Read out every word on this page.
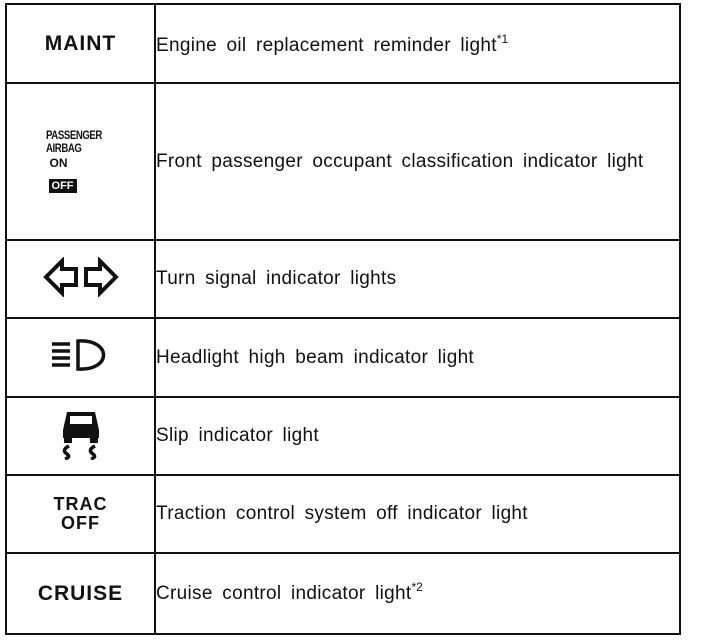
MAINT	Engine oil replacement reminder light$^{*1}$

PASSENGER
AIRBAG
ON
OFF	Front passenger occupant classification indicator light
	Turn signal indicator lights
	Headlight high beam indicator light
	Slip indicator light
TRAC
OFF	Traction control system off indicator light
CRUISE	Cruise control indicator light$^{*2}$
